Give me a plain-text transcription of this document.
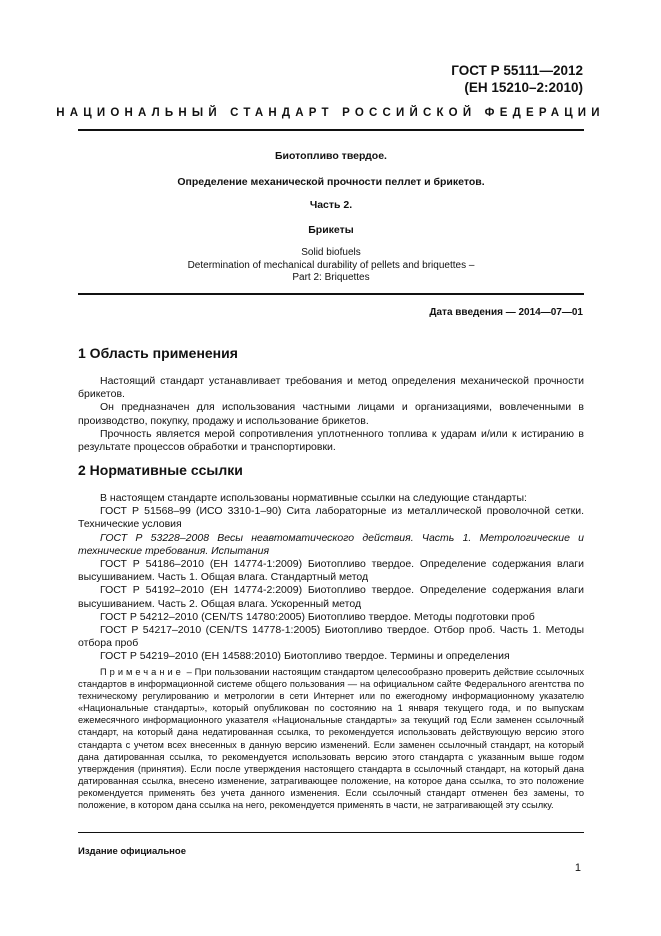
ГОСТ Р 55111—2012
(ЕН 15210–2:2010)
НАЦИОНАЛЬНЫЙ СТАНДАРТ РОССИЙСКОЙ ФЕДЕРАЦИИ
Биотопливо твердое.
Определение механической прочности пеллет и брикетов.
Часть 2.
Брикеты
Solid biofuels
Determination of mechanical durability of pellets and briquettes –
Part 2: Briquettes
Дата введения — 2014—07—01
1 Область применения

Настоящий стандарт устанавливает требования и метод определения механической прочности брикетов.

Он предназначен для использования частными лицами и организациями, вовлеченными в производство, покупку, продажу и использование брикетов.

Прочность является мерой сопротивления уплотненного топлива к ударам и/или к истиранию в результате процессов обработки и транспортировки.

2 Нормативные ссылки

В настоящем стандарте использованы нормативные ссылки на следующие стандарты:

ГОСТ Р 51568–99 (ИСО 3310-1–90) Сита лабораторные из металлической проволочной сетки. Технические условия

ГОСТ Р 53228–2008 Весы неавтоматического действия. Часть 1. Метрологические и технические требования. Испытания

ГОСТ Р 54186–2010 (ЕН 14774-1:2009) Биотопливо твердое. Определение содержания влаги высушиванием. Часть 1. Общая влага. Стандартный метод

ГОСТ Р 54192–2010 (ЕН 14774-2:2009) Биотопливо твердое. Определение содержания влаги высушиванием. Часть 2. Общая влага. Ускоренный метод

ГОСТ Р 54212–2010 (CEN/TS 14780:2005) Биотопливо твердое. Методы подготовки проб

ГОСТ Р 54217–2010 (CEN/TS 14778-1:2005) Биотопливо твердое. Отбор проб. Часть 1. Методы отбора проб

ГОСТ Р 54219–2010 (ЕН 14588:2010) Биотопливо твердое. Термины и определения

Примечание – При пользовании настоящим стандартом целесообразно проверить действие ссылочных стандартов в информационной системе общего пользования — на официальном сайте Федерального агентства по техническому регулированию и метрологии в сети Интернет или по ежегодному информационному указателю «Национальные стандарты», который опубликован по состоянию на 1 января текущего года, и по выпускам ежемесячного информационного указателя «Национальные стандарты» за текущий год Если заменен ссылочный стандарт, на который дана недатированная ссылка, то рекомендуется использовать действующую версию этого стандарта с учетом всех внесенных в данную версию изменений. Если заменен ссылочный стандарт, на который дана датированная ссылка, то рекомендуется использовать версию этого стандарта с указанным выше годом утверждения (принятия). Если после утверждения настоящего стандарта в ссылочный стандарт, на который дана датированная ссылка, внесено изменение, затрагивающее положение, на которое дана ссылка, то это положение рекомендуется применять без учета данного изменения. Если ссылочный стандарт отменен без замены, то положение, в котором дана ссылка на него, рекомендуется применять в части, не затрагивающей эту ссылку.
Издание официальное
1
